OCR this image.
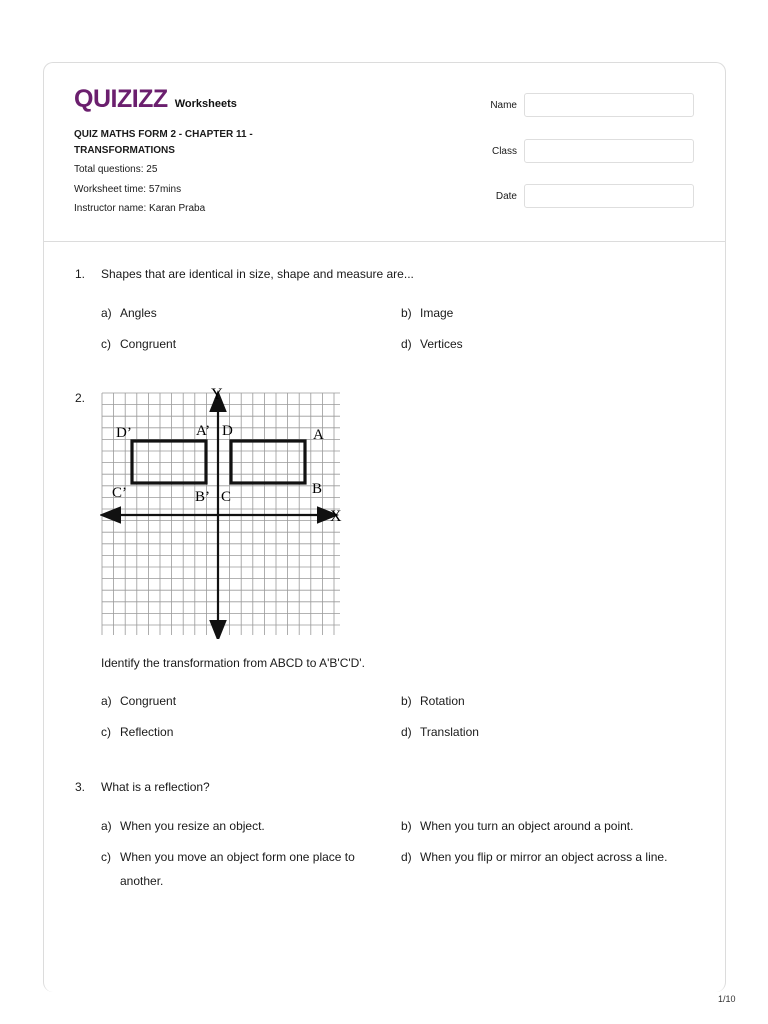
QUIZIZZ Worksheets
QUIZ MATHS FORM 2 - CHAPTER 11 - TRANSFORMATIONS
Total questions: 25
Worksheet time: 57mins
Instructor name: Karan Praba
Name
Class
Date
1. Shapes that are identical in size, shape and measure are...
a) Angles	b) Image
c) Congruent	d) Vertices
2.	Y
X
D’	A’ D	A
C’	B’ C	B
Identify the transformation from ABCD to A'B'C'D'.
a) Congruent	b) Rotation
c) Reflection	d) Translation
3. What is a reflection?
a) When you resize an object.	b) When you turn an object around a point.
c) When you move an object form one place to another.
d) When you flip or mirror an object across a line.
1/10
